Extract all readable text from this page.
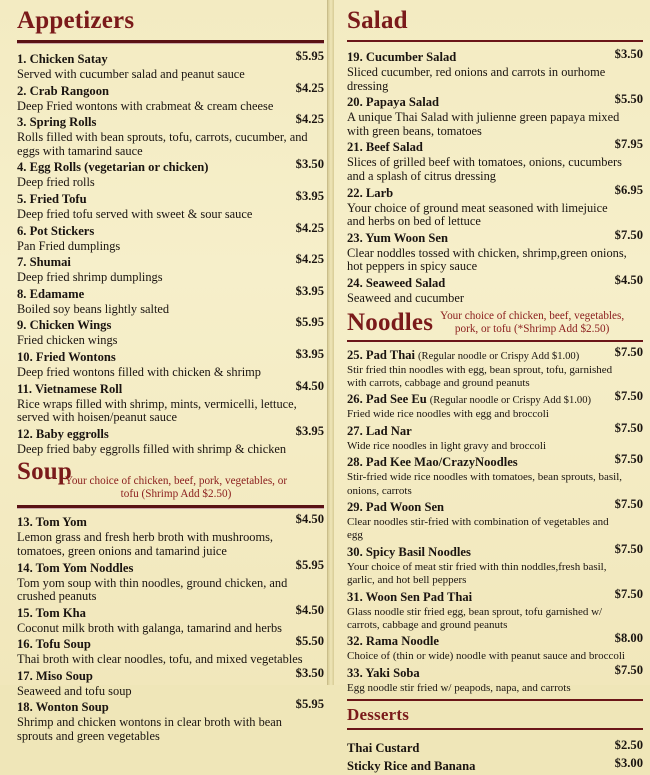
Appetizers
1. Chicken Satay	$5.95
Served with cucumber salad and peanut sauce
2. Crab Rangoon	$4.25
Deep Fried wontons with crabmeat & cream cheese
3. Spring Rolls	$4.25
Rolls filled with bean sprouts, tofu, carrots, cucumber, and eggs with tamarind sauce
4. Egg Rolls (vegetarian or chicken)	$3.50
Deep fried rolls
5. Fried Tofu	$3.95
Deep fried tofu served with sweet & sour sauce
6. Pot Stickers	$4.25
Pan Fried dumplings
7. Shumai	$4.25
Deep fried shrimp dumplings
8. Edamame	$3.95
Boiled soy beans lightly salted
9. Chicken Wings	$5.95
Fried chicken wings
10. Fried Wontons	$3.95
Deep fried wontons filled with chicken & shrimp
11. Vietnamese Roll	$4.50
Rice wraps filled with shrimp, mints, vermicelli, lettuce, served with hoisen/peanut sauce
12. Baby eggrolls	$3.95
Deep fried baby eggrolls filled with shrimp & chicken
Soup
Your choice of chicken, beef, pork, vegetables, or tofu (Shrimp Add $2.50)
13. Tom Yom	$4.50
Lemon grass and fresh herb broth with mushrooms, tomatoes, green onions and tamarind juice
14. Tom Yom Noddles	$5.95
Tom yom soup with thin noodles, ground chicken, and crushed peanuts
15. Tom Kha	$4.50
Coconut milk broth with galanga, tamarind and herbs
16. Tofu Soup	$5.50
Thai broth with clear noodles, tofu, and mixed vegetables
17. Miso Soup	$3.50
Seaweed and tofu soup
18. Wonton Soup	$5.95
Shrimp and chicken wontons in clear broth with bean sprouts and green vegetables
Salad
19. Cucumber Salad	$3.50
Sliced cucumber, red onions and carrots in ourhome dressing
20. Papaya Salad	$5.50
A unique Thai Salad with julienne green papaya mixed with green beans, tomatoes
21. Beef Salad	$7.95
Slices of grilled beef with tomatoes, onions, cucumbers and a splash of citrus dressing
22. Larb	$6.95
Your choice of ground meat seasoned with limejuice and herbs on bed of lettuce
23. Yum Woon Sen	$7.50
Clear noddles tossed with chicken, shrimp,green onions, hot peppers in spicy sauce
24. Seaweed Salad	$4.50
Seaweed and cucumber
Noodles Your choice of chicken, beef, vegetables, pork, or tofu (*Shrimp Add $2.50)
25. Pad Thai (Regular noodle or Crispy Add $1.00)	$7.50
Stir fried thin noodles with egg, bean sprout, tofu, garnished with carrots, cabbage and ground peanuts
26. Pad See Eu (Regular noodle or Crispy Add $1.00) $7.50
Fried wide rice noodles with egg and broccoli
27. Lad Nar	$7.50
Wide rice noodles in light gravy and broccoli
28. Pad Kee Mao/CrazyNoodles	$7.50
Stir-fried wide rice noodles with tomatoes, bean sprouts, basil, onions, carrots
29. Pad Woon Sen	$7.50
Clear noodles stir-fried with combination of vegetables and egg
30. Spicy Basil Noodles	$7.50
Your choice of meat stir fried with thin noddles,fresh basil, garlic, and hot bell peppers
31. Woon Sen Pad Thai	$7.50
Glass noodle stir fried egg, bean sprout, tofu garnished w/ carrots, cabbage and ground peanuts
32. Rama Noodle	$8.00
Choice of (thin or wide) noodle with peanut sauce and broccoli
33. Yaki Soba	$7.50
Egg noodle stir fried w/ peapods, napa, and carrots
Desserts
Thai Custard	$2.50
Sticky Rice and Banana	$3.00
